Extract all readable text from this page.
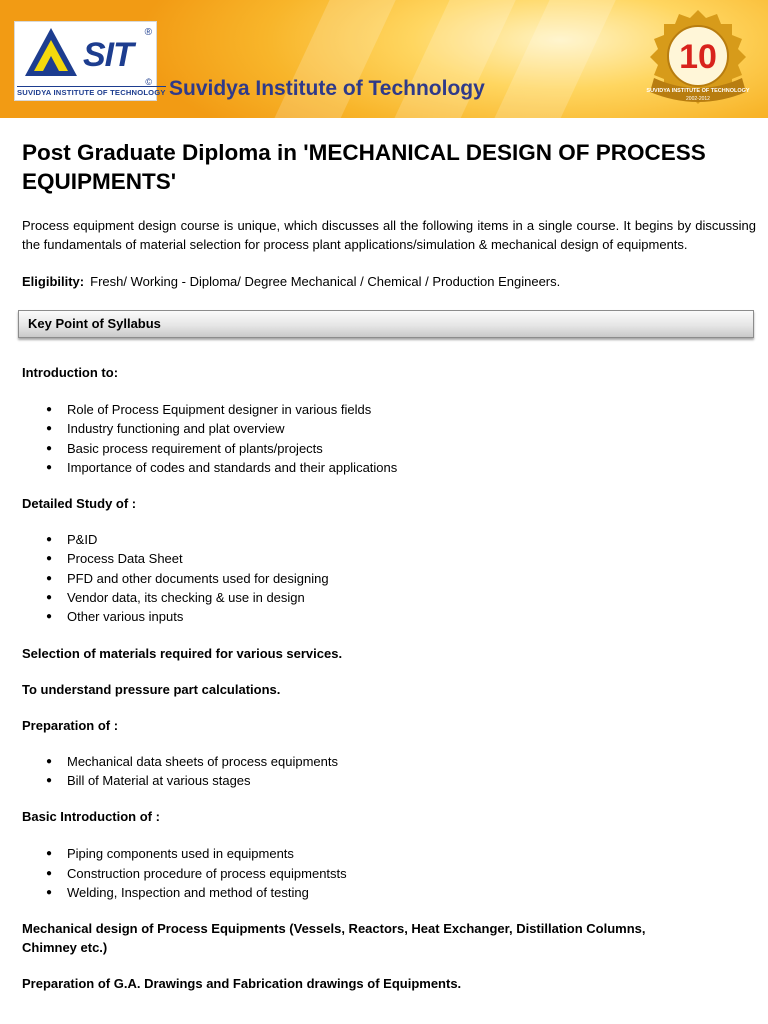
SIT
®
©
SUVIDYA INSTITUTE OF TECHNOLOGY Suvidya Institute of Technology
10
SUVIDYA INSTITUTE OF TECHNOLOGY
2002-2012
Post Graduate Diploma in 'MECHANICAL DESIGN OF PROCESS EQUIPMENTS'

Process equipment design course is unique, which discusses all the following items in a single course. It begins by discussing the fundamentals of material selection for process plant applications/simulation & mechanical design of equipments.

Eligibility: Fresh/ Working - Diploma/ Degree Mechanical / Chemical / Production Engineers.

Key Point of Syllabus

Introduction to:

● Role of Process Equipment designer in various fields
● Industry functioning and plat overview
● Basic process requirement of plants/projects
● Importance of codes and standards and their applications

Detailed Study of :

● P&ID
● Process Data Sheet
● PFD and other documents used for designing
● Vendor data, its checking & use in design
● Other various inputs

Selection of materials required for various services.

To understand pressure part calculations.

Preparation of :

● Mechanical data sheets of process equipments
● Bill of Material at various stages

Basic Introduction of :

● Piping components used in equipments
● Construction procedure of process equipmentsts
● Welding, Inspection and method of testing

Mechanical design of Process Equipments (Vessels, Reactors, Heat Exchanger, Distillation Columns, Chimney etc.)

Preparation of G.A. Drawings and Fabrication drawings of Equipments.
